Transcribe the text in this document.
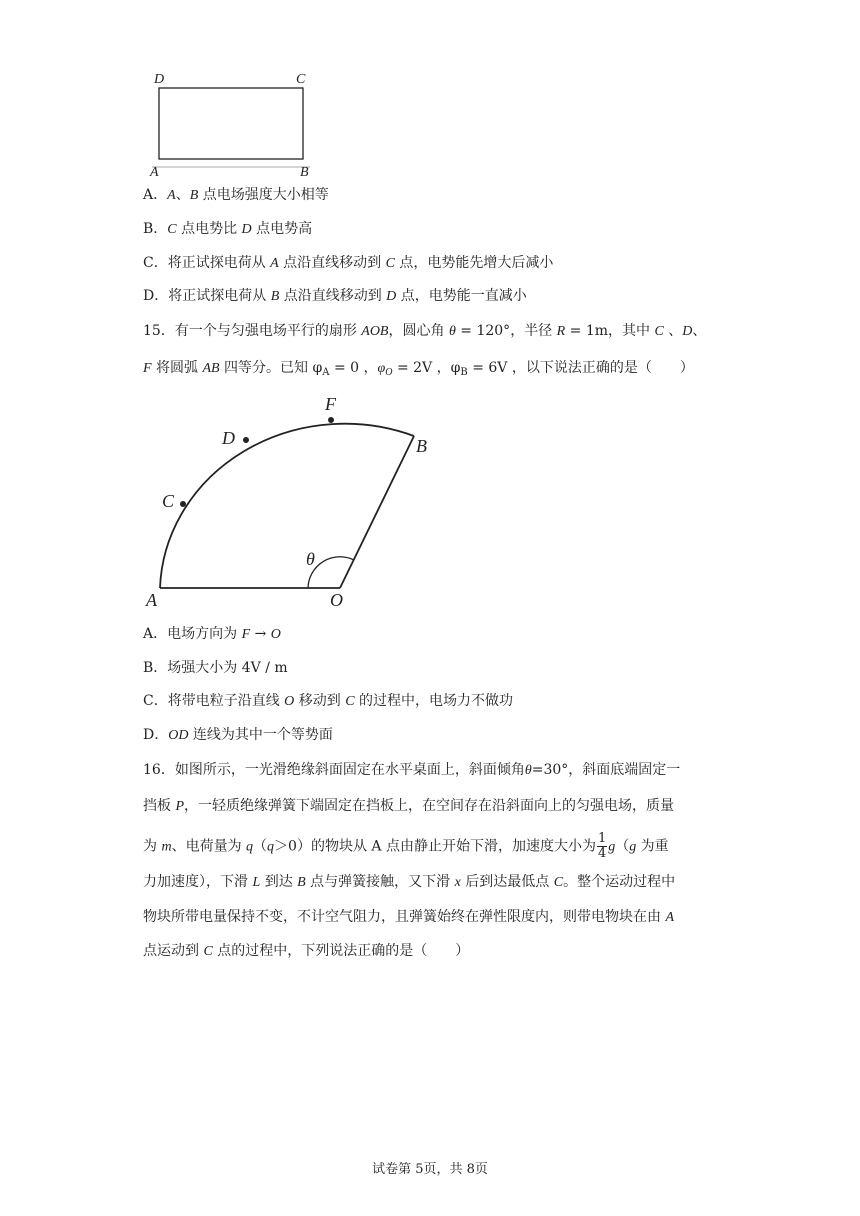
D	C
A	B
A．A、B 点电场强度大小相等
B．C 点电势比 D 点电势高
C．将正试探电荷从 A 点沿直线移动到 C 点，电势能先增大后减小
D．将正试探电荷从 B 点沿直线移动到 D 点，电势能一直减小
15．有一个与匀强电场平行的扇形 AOB，圆心角 θ = 120°，半径 R = 1m，其中 C 、D、
F 将圆弧 AB 四等分。已知 $\varphi_A = 0$ ，$\varphi_O = 2V$ ，$\varphi_B = 6V$ ，以下说法正确的是（　　）
F
D	B
C
θ
A	O
A．电场方向为 F → O
B．场强大小为 4V / m
C．将带电粒子沿直线 O 移动到 C 的过程中，电场力不做功
D．OD 连线为其中一个等势面
16．如图所示，一光滑绝缘斜面固定在水平桌面上，斜面倾角θ=30°，斜面底端固定一
挡板 P，一轻质绝缘弹簧下端固定在挡板上，在空间存在沿斜面向上的匀强电场，质量
为 m、电荷量为 q（q＞0）的物块从 A 点由静止开始下滑，加速度大小为 $\frac{1}{4} g(g$ 为重
力加速度），下滑 L 到达 B 点与弹簧接触，又下滑 x 后到达最低点 C。整个运动过程中
物块所带电量保持不变，不计空气阻力，且弹簧始终在弹性限度内，则带电物块在由 A
点运动到 C 点的过程中，下列说法正确的是（　　）
试卷第 5页，共 8页
